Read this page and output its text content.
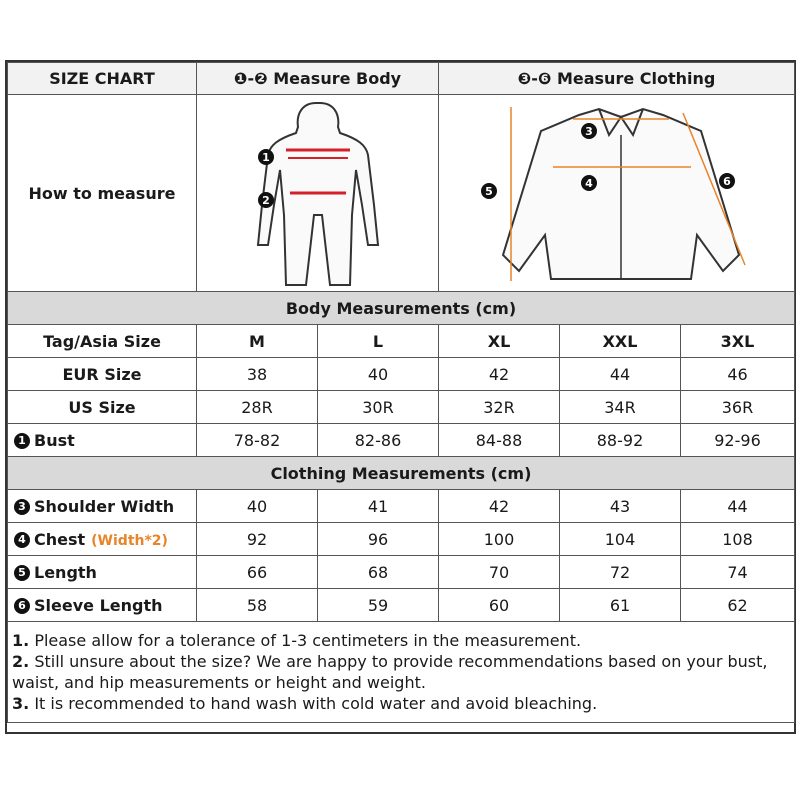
SIZE CHART	❶-❷ Measure Body		❸-❻ Measure Clothing		
How to measure	1
2		3
4
5
6		

Body Measurements (cm)					
Tag/Asia Size	M	L	XL	XXL	3XL
EUR Size	38	40	42	44	46
US Size	28R	30R	32R	34R	36R
1 Bust	78-82	82-86	84-88	88-92	92-96
Clothing Measurements (cm)					
3 Shoulder Width	40	41	42	43	44
4 Chest (Width*2)	92	96	100	104	108
5 Length	66	68	70	72	74
6 Sleeve Length	58	59	60	61	62

1. Please allow for a tolerance of 1-3 centimeters in the measurement.
2. Still unsure about the size? We are happy to provide recommendations based on your bust, waist, and hip measurements or height and weight.
3. It is recommended to hand wash with cold water and avoid bleaching.					
